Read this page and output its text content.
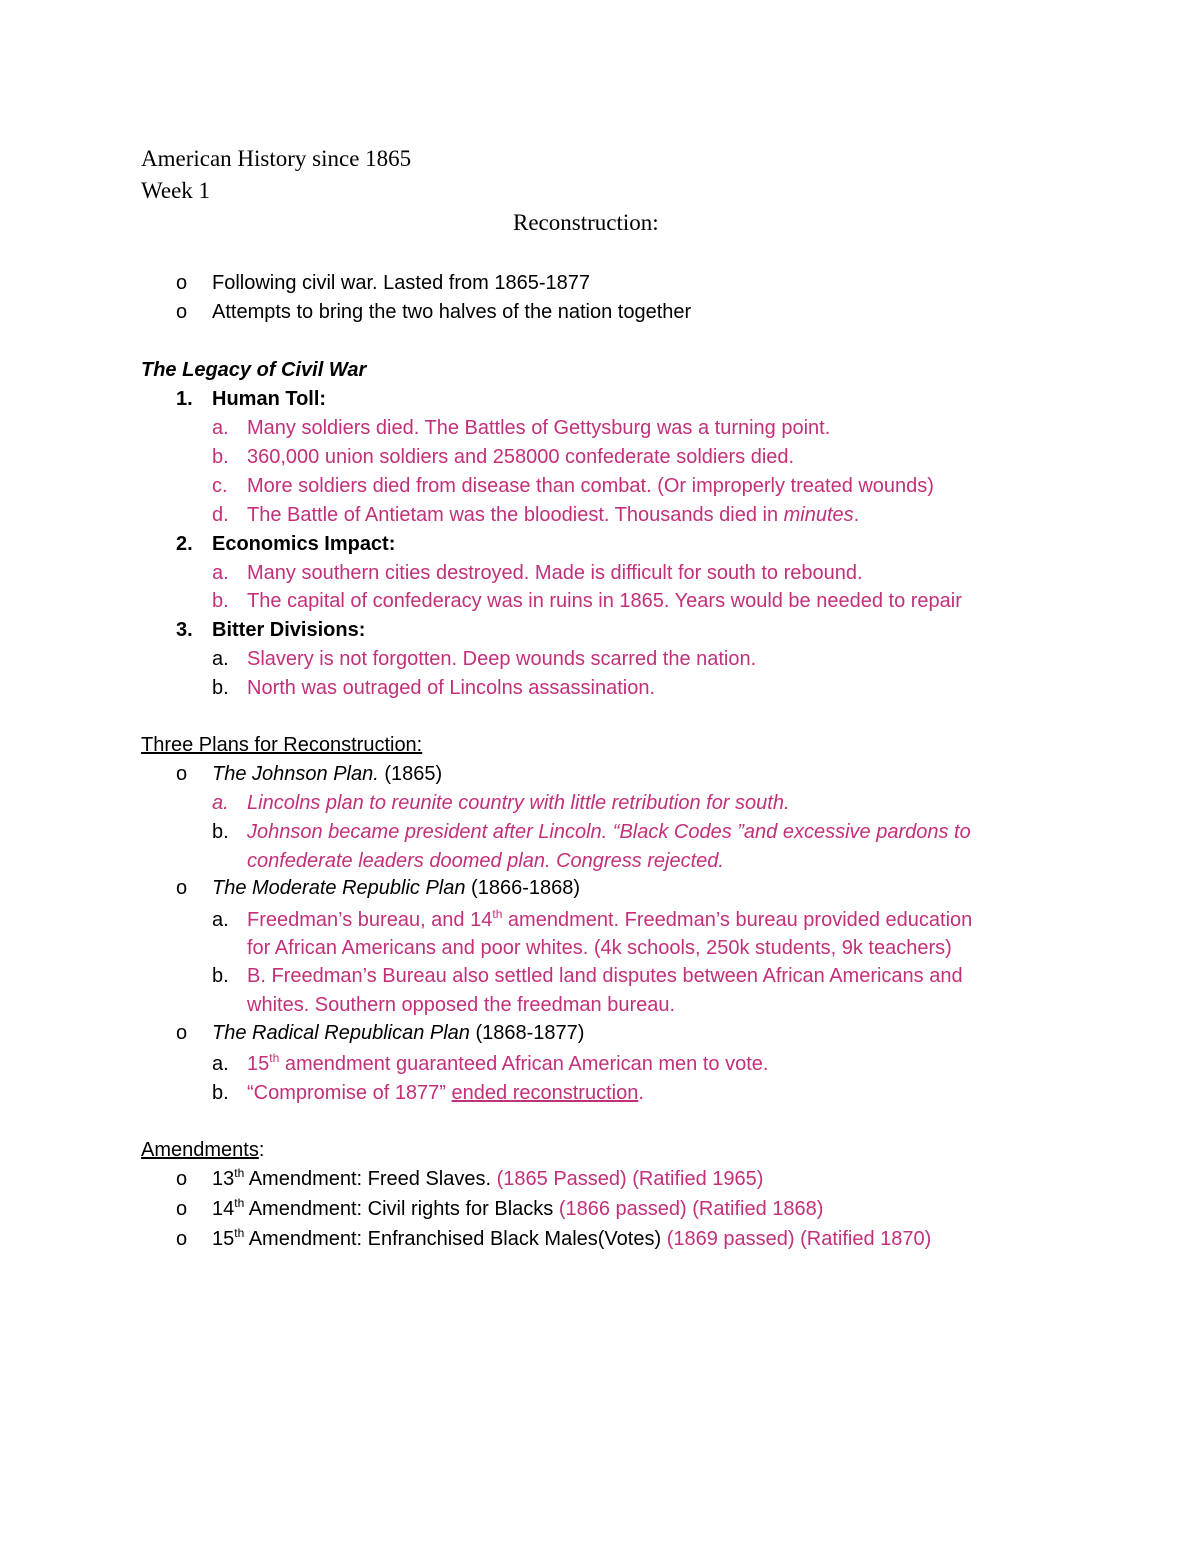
American History since 1865
Week 1
Reconstruction:
o Following civil war. Lasted from 1865-1877
o Attempts to bring the two halves of the nation together
The Legacy of Civil War
1. Human Toll:
a. Many soldiers died. The Battles of Gettysburg was a turning point.
b. 360,000 union soldiers and 258000 confederate soldiers died.
c. More soldiers died from disease than combat. (Or improperly treated wounds)
d. The Battle of Antietam was the bloodiest. Thousands died in minutes.
2. Economics Impact:
a. Many southern cities destroyed. Made is difficult for south to rebound.
b. The capital of confederacy was in ruins in 1865. Years would be needed to repair
3. Bitter Divisions:
a. Slavery is not forgotten. Deep wounds scarred the nation.
b. North was outraged of Lincolns assassination.
Three Plans for Reconstruction:
o The Johnson Plan. (1865)
a. Lincolns plan to reunite country with little retribution for south.
b. Johnson became president after Lincoln. “Black Codes ”and excessive pardons to
confederate leaders doomed plan. Congress rejected.
o The Moderate Republic Plan (1866-1868)
a. Freedman’s bureau, and 14th amendment. Freedman’s bureau provided education
for African Americans and poor whites. (4k schools, 250k students, 9k teachers)
b. B. Freedman’s Bureau also settled land disputes between African Americans and
whites. Southern opposed the freedman bureau.
o The Radical Republican Plan (1868-1877)
a. 15th amendment guaranteed African American men to vote.
b. “Compromise of 1877” ended reconstruction.
Amendments:
o 13th Amendment: Freed Slaves. (1865 Passed) (Ratified 1965)
o 14th Amendment: Civil rights for Blacks (1866 passed) (Ratified 1868)
o 15th Amendment: Enfranchised Black Males(Votes) (1869 passed) (Ratified 1870)
